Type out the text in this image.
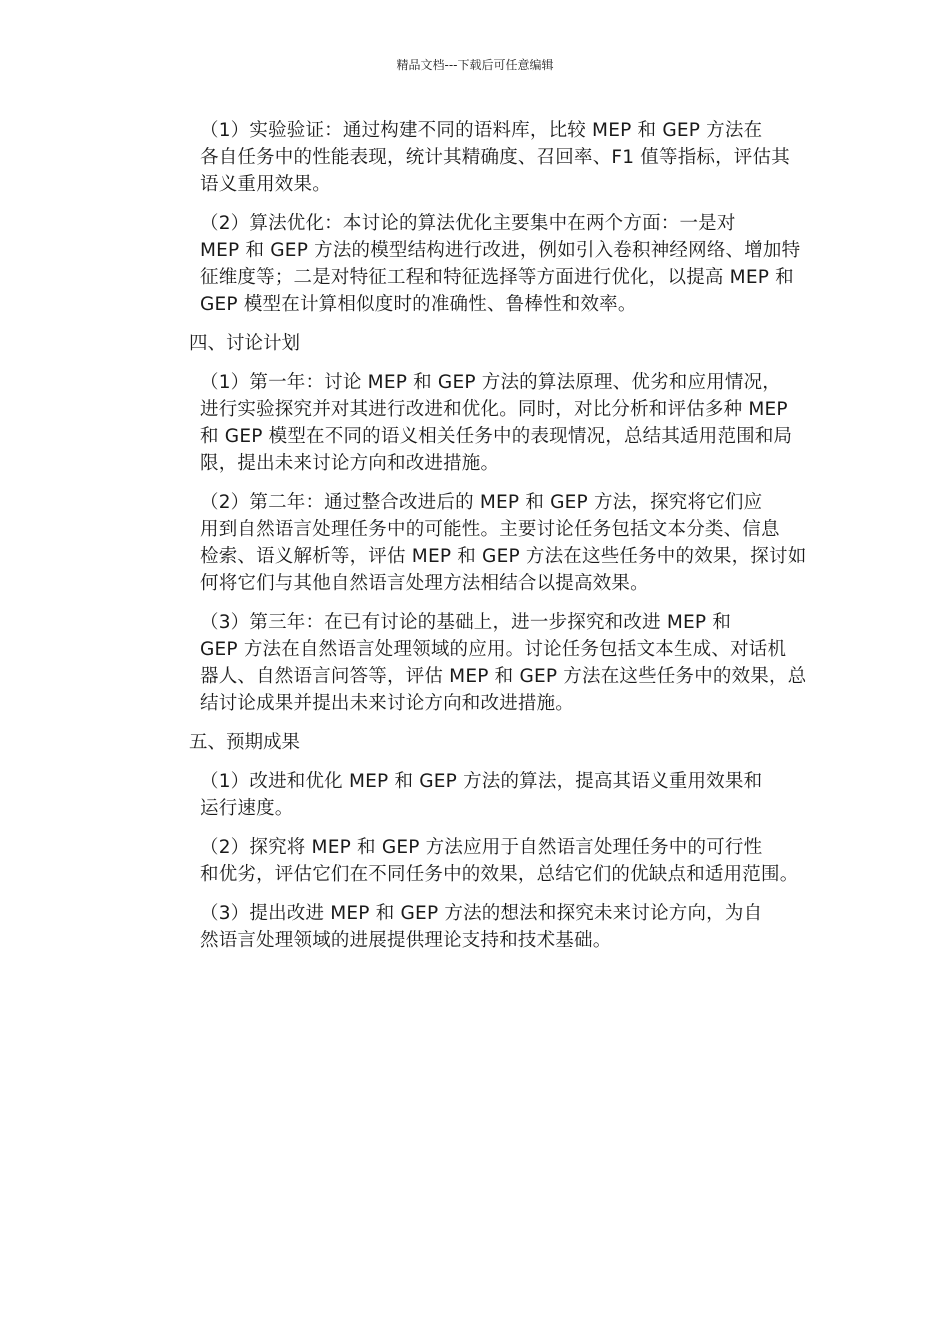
精品文档---下载后可任意编辑

（1）实验验证：通过构建不同的语料库，比较 MEP 和 GEP 方法在
各自任务中的性能表现，统计其精确度、召回率、F1 值等指标，评估其
语义重用效果。

（2）算法优化：本讨论的算法优化主要集中在两个方面：一是对
MEP 和 GEP 方法的模型结构进行改进，例如引入卷积神经网络、增加特
征维度等；二是对特征工程和特征选择等方面进行优化，以提高 MEP 和
GEP 模型在计算相似度时的准确性、鲁棒性和效率。

四、讨论计划

（1）第一年：讨论 MEP 和 GEP 方法的算法原理、优劣和应用情况，
进行实验探究并对其进行改进和优化。同时，对比分析和评估多种 MEP
和 GEP 模型在不同的语义相关任务中的表现情况，总结其适用范围和局
限，提出未来讨论方向和改进措施。

（2）第二年：通过整合改进后的 MEP 和 GEP 方法，探究将它们应
用到自然语言处理任务中的可能性。主要讨论任务包括文本分类、信息
检索、语义解析等，评估 MEP 和 GEP 方法在这些任务中的效果，探讨如
何将它们与其他自然语言处理方法相结合以提高效果。

（3）第三年：在已有讨论的基础上，进一步探究和改进 MEP 和
GEP 方法在自然语言处理领域的应用。讨论任务包括文本生成、对话机
器人、自然语言问答等，评估 MEP 和 GEP 方法在这些任务中的效果，总
结讨论成果并提出未来讨论方向和改进措施。

五、预期成果

（1）改进和优化 MEP 和 GEP 方法的算法，提高其语义重用效果和
运行速度。

（2）探究将 MEP 和 GEP 方法应用于自然语言处理任务中的可行性
和优劣，评估它们在不同任务中的效果，总结它们的优缺点和适用范围。

（3）提出改进 MEP 和 GEP 方法的想法和探究未来讨论方向，为自
然语言处理领域的进展提供理论支持和技术基础。
